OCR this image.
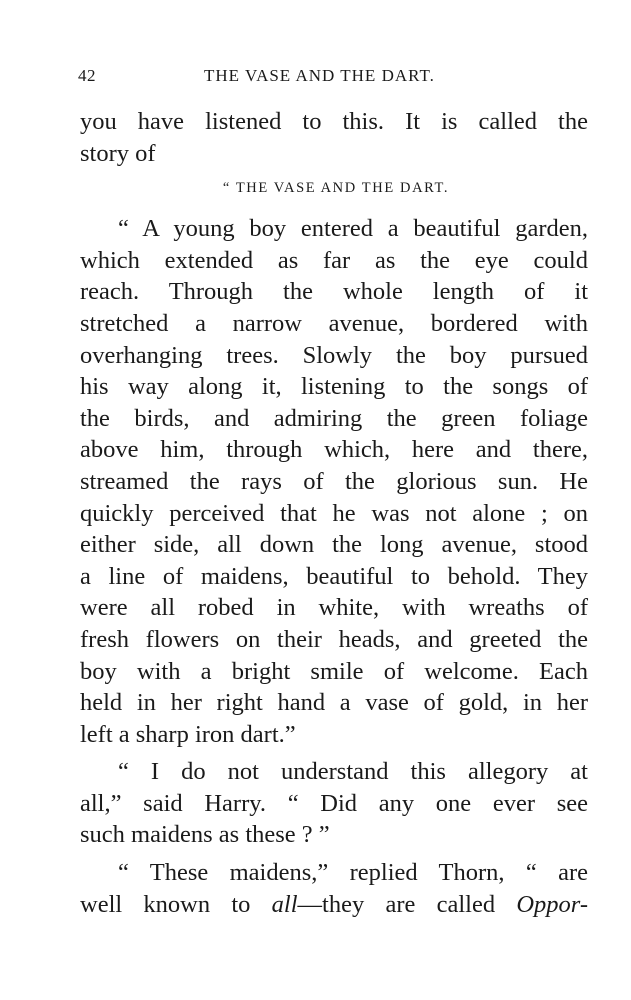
42	THE VASE AND THE DART.
you have listened to this. It is called the
story of
“ THE VASE AND THE DART.
“ A young boy entered a beautiful garden,
which extended as far as the eye could
reach. Through the whole length of it
stretched a narrow avenue, bordered with
overhanging trees. Slowly the boy pursued
his way along it, listening to the songs of
the birds, and admiring the green foliage
above him, through which, here and there,
streamed the rays of the glorious sun. He
quickly perceived that he was not alone ; on
either side, all down the long avenue, stood
a line of maidens, beautiful to behold. They
were all robed in white, with wreaths of
fresh flowers on their heads, and greeted the
boy with a bright smile of welcome. Each
held in her right hand a vase of gold, in her
left a sharp iron dart.”
“ I do not understand this allegory at
all,” said Harry. “ Did any one ever see
such maidens as these ? ”
“ These maidens,” replied Thorn, “ are
well known to all—they are called Oppor-
